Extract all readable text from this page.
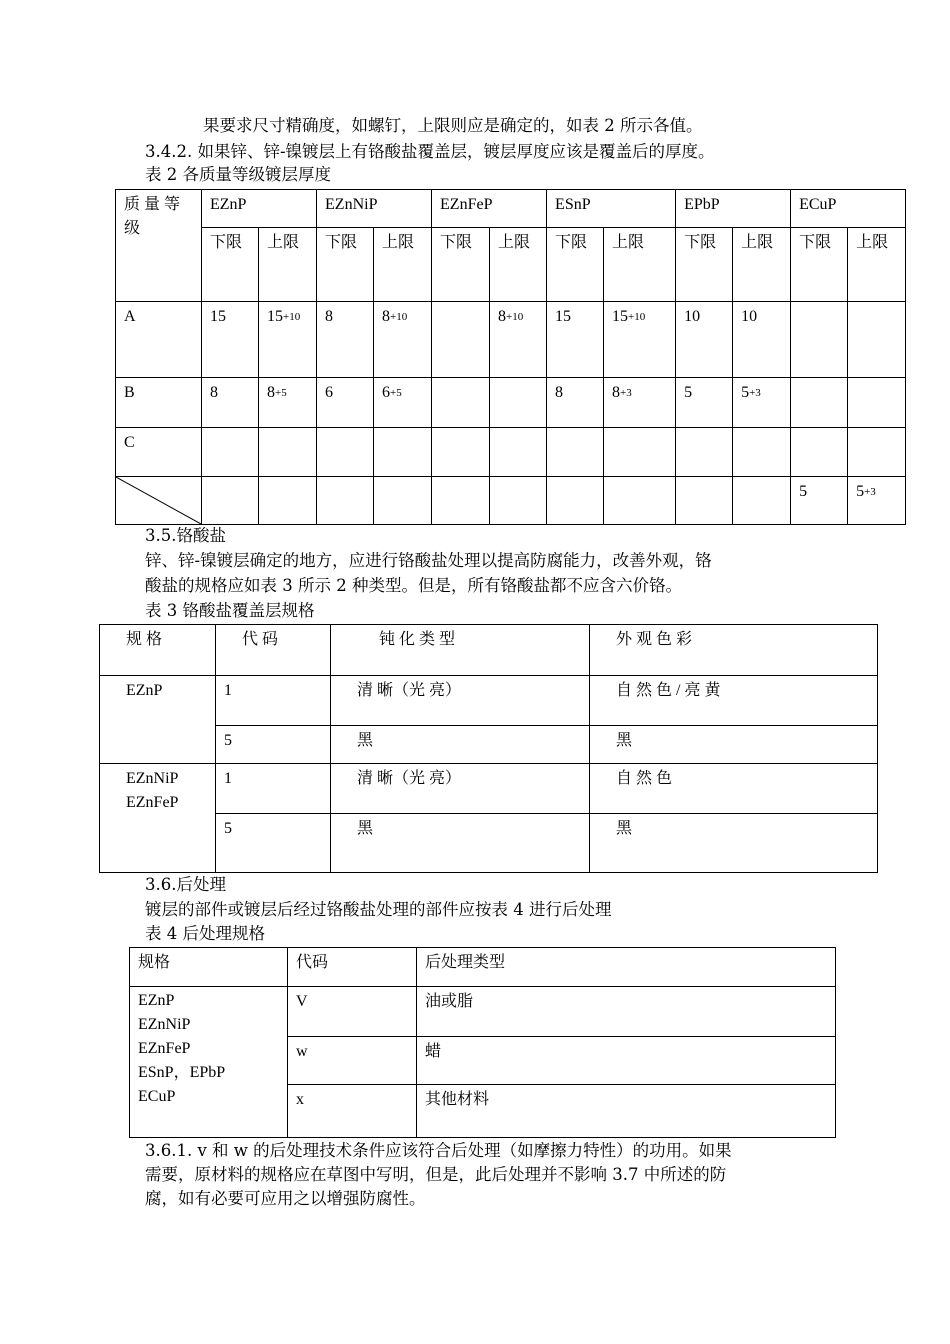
果要求尺寸精确度，如螺钉，上限则应是确定的，如表 2 所示各值。
3.4.2. 如果锌、锌-镍镀层上有铬酸盐覆盖层，镀层厚度应该是覆盖后的厚度。
表 2 各质量等级镀层厚度
质 量 等 级	EZnP		EZnNiP		EZnFeP		ESnP		EPbP		ECuP	
	下限	上限	下限	上限	下限	上限	下限	上限	下限	上限	下限	上限
A	15	$15^{+10}$	8	$8^{+10}$		$8^{+10}$	15	$15^{+10}$	10	10		
B	8	$8^{+5}$	6	$6^{+5}$			8	$8^{+3}$	5	$5^{+3}$		
C												

											5	$5^{+3}$
3.5.铬酸盐
锌、锌-镍镀层确定的地方，应进行铬酸盐处理以提高防腐能力，改善外观，铬
酸盐的规格应如表 3 所示 2 种类型。但是，所有铬酸盐都不应含六价铬。
表 3 铬酸盐覆盖层规格
规 格	代 码	钝 化 类 型	外 观 色 彩
EZnP	1	清 晰（光 亮）	自 然 色 / 亮 黄
	5	黑	黑

EZnNiP
EZnFeP	1	清 晰（光 亮）	自 然 色
	5	黑	黑
3.6.后处理
镀层的部件或镀层后经过铬酸盐处理的部件应按表 4 进行后处理
表 4 后处理规格
规格	代码	后处理类型

EZnP
EZnNiP
EZnFeP
ESnP，EPbP
ECuP	V	油或脂
	w	蜡
	x	其他材料
3.6.1. v 和 w 的后处理技术条件应该符合后处理（如摩擦力特性）的功用。如果
需要，原材料的规格应在草图中写明，但是，此后处理并不影响 3.7 中所述的防
腐，如有必要可应用之以增强防腐性。
